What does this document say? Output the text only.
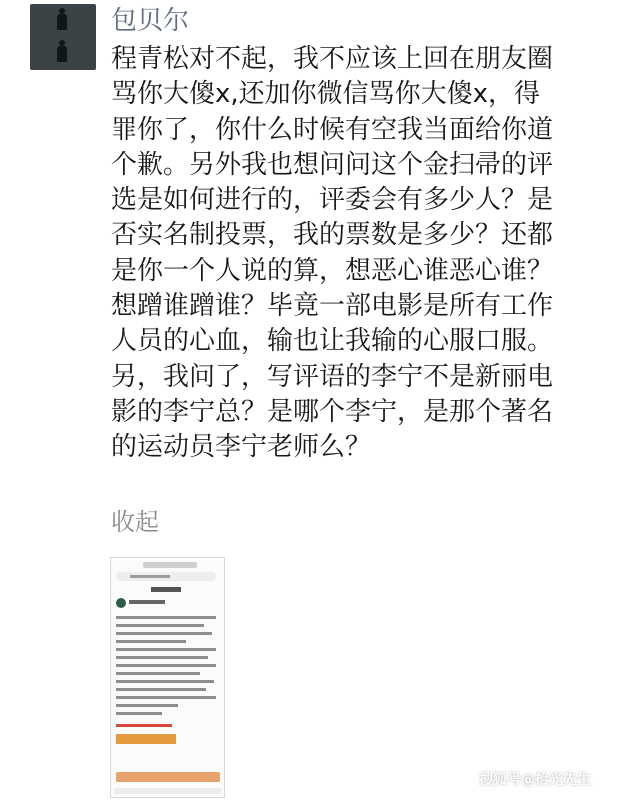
包贝尔
程青松对不起，我不应该上回在朋友圈
骂你大傻x,还加你微信骂你大傻x，得
罪你了，你什么时候有空我当面给你道
个歉。另外我也想问问这个金扫帚的评
选是如何进行的，评委会有多少人？是
否实名制投票，我的票数是多少？还都
是你一个人说的算，想恶心谁恶心谁？
想蹭谁蹭谁？毕竟一部电影是所有工作
人员的心血，输也让我输的心服口服。
另，我问了，写评语的李宁不是新丽电
影的李宁总？是哪个李宁，是那个著名
的运动员李宁老师么？
收起
搜狐号@拾光先生
